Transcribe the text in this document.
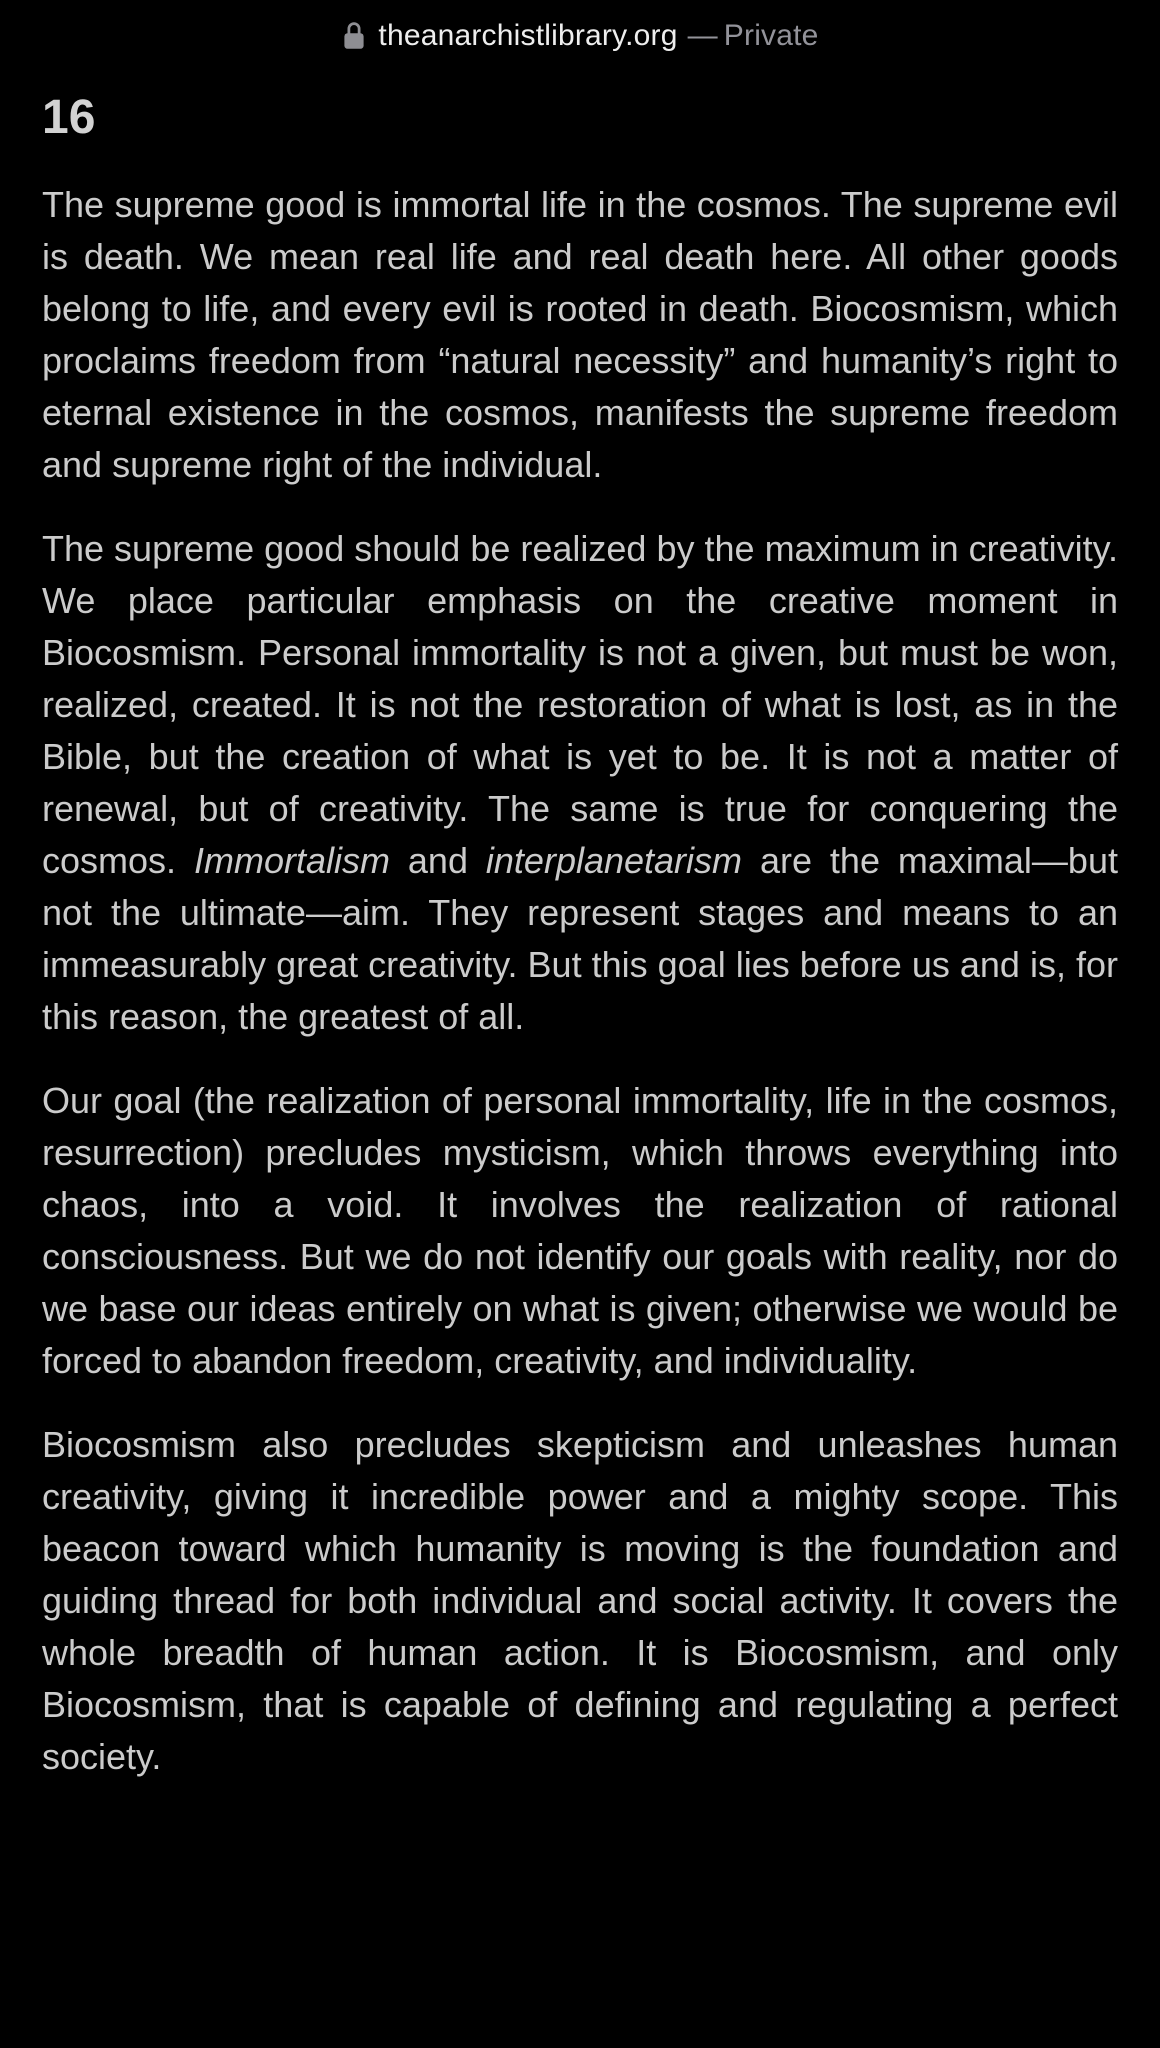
theanarchistlibrary.org — Private
16

The supreme good is immortal life in the cosmos. The supreme evil is death. We mean real life and real death here. All other goods belong to life, and every evil is rooted in death. Biocosmism, which proclaims freedom from “natural necessity” and humanity’s right to eternal existence in the cosmos, manifests the supreme freedom and supreme right of the individual.

The supreme good should be realized by the maximum in creativity. We place particular emphasis on the creative moment in Biocosmism. Personal immortality is not a given, but must be won, realized, created. It is not the restoration of what is lost, as in the Bible, but the creation of what is yet to be. It is not a matter of renewal, but of creativity. The same is true for conquering the cosmos. Immortalism and interplanetarism are the maximal—but not the ultimate—aim. They represent stages and means to an immeasurably great creativity. But this goal lies before us and is, for this reason, the greatest of all.

Our goal (the realization of personal immortality, life in the cosmos, resurrection) precludes mysticism, which throws everything into chaos, into a void. It involves the realization of rational consciousness. But we do not identify our goals with reality, nor do we base our ideas entirely on what is given; otherwise we would be forced to abandon freedom, creativity, and individuality.

Biocosmism also precludes skepticism and unleashes human creativity, giving it incredible power and a mighty scope. This beacon toward which humanity is moving is the foundation and guiding thread for both individual and social activity. It covers the whole breadth of human action. It is Biocosmism, and only Biocosmism, that is capable of defining and regulating a perfect society.
